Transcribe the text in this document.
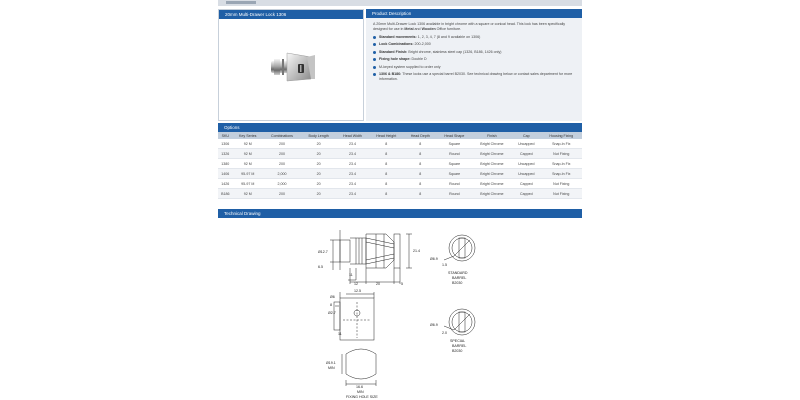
20mm Multi-Drawer Lock 1306	Product Description

A 20mm Multi-Drawer Lock 1306 available in bright chrome with a square or conical head. This lock has been specifically designed for use in Metal and Wooden Office furniture.

Standard movements: 1, 2, 3, 4, 7 (8 and 9 available on 1306)
Lock Combinations: 200-2,000
Standard Finish: Bright chrome, stainless steel cap (1326, B186, 1426 only)
Fixing hole shape: Double D
M-keyed system supplied to order only
1306 & B186: These locks use a special barrel B2030. See technical drawing below or contact sales department for more information.
Options
SKU	Key Series	Combinations	Body Length	Head Width	Head Height	Head Depth	Head Shape	Finish	Cap	Housing Fixing
1306	92 M	200	20	23.4	8	8	Square	Bright Chrome	Uncapped	Snap-In Fix
1326	92 M	200	20	23.4	8	8	Round	Bright Chrome	Capped	Nut Fixing
1380	92 M	200	20	23.4	8	8	Square	Bright Chrome	Uncapped	Snap-In Fix
1406	95-97 M	2,000	20	23.4	8	8	Square	Bright Chrome	Uncapped	Snap-In Fix
1426	95-97 M	2,000	20	23.4	8	8	Round	Bright Chrome	Capped	Nut Fixing
B186	92 M	200	20	23.4	8	8	Round	Bright Chrome	Capped	Nut Fixing
Technical Drawing
Ø12.7	21.4
6.5
11
12	20	5
12.5
Ø6
8
Ø2.7
11
Ø19.1
MIN
16.6
MIN
FIXING HOLE SIZE
Ø6.9
1.5
STANDARD
BARREL
B2030
Ø6.9
2.0
SPECIAL
BARREL
B2030
